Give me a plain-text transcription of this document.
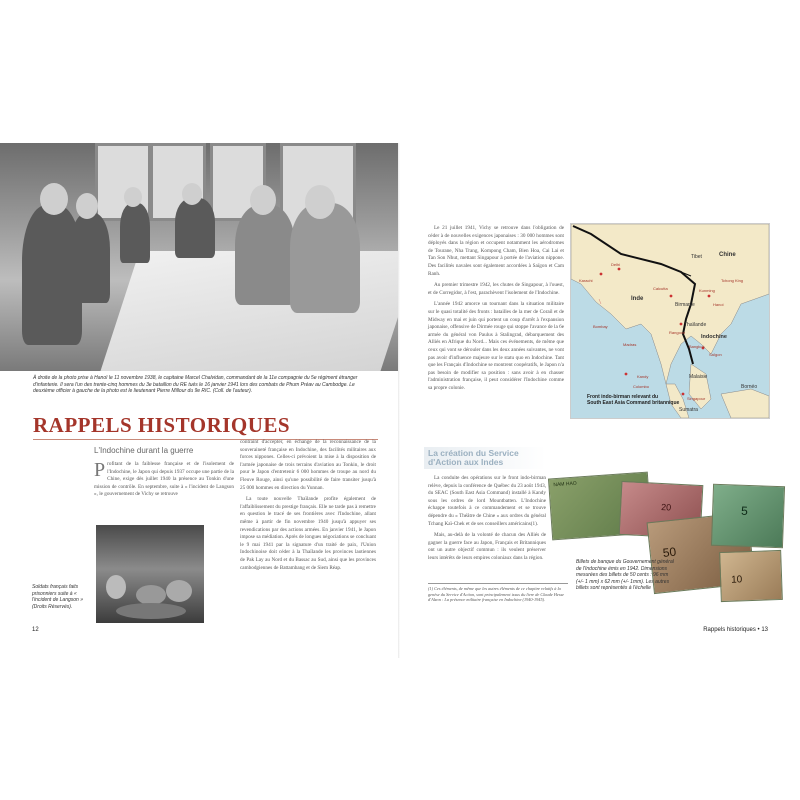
À droite de la photo prise à Hanoï le 11 novembre 1938, le capitaine Marcel Chalvidan, commandant de la 11e compagnie du 5e régiment étranger d'infanterie. Il sera l'un des trente-cinq hommes du 3e bataillon du RE tués le 16 janvier 1941 lors des combats de Phum Préav au Cambodge. Le deuxième officier à gauche de la photo est le lieutenant Pierre Millour du 9e RIC. (Coll. de l'auteur).
RAPPELS HISTORIQUES
L'Indochine durant la guerre

Profitant de la faiblesse française et de l'isolement de l'Indochine, le Japon qui depuis 1937 occupe une partie de la Chine, exige dès juillet 1940 la présence au Tonkin d'une mission de contrôle. En septembre, suite à « l'incident de Langson », le gouvernement de Vichy se retrouve

Soldats français faits prisonniers suite à « l'incident de Langson » (Droits Réservés).

contraint d'accepter, en échange de la reconnaissance de la souveraineté française en Indochine, des facilités militaires aux forces nippones. Celles-ci prévoient la mise à la disposition de l'armée japonaise de trois terrains d'aviation au Tonkin, le droit pour le Japon d'entretenir 6 000 hommes de troupe au nord du Fleuve Rouge, ainsi qu'une possibilité de faire transiter jusqu'à 25 000 hommes en direction du Yunnan.

La toute nouvelle Thaïlande profite également de l'affaiblissement du prestige français. Elle ne tarde pas à remettre en question le tracé de ses frontières avec l'Indochine, allant même à partir de fin novembre 1940 jusqu'à appuyer ses revendications par des actions armées. En janvier 1941, le Japon impose sa médiation. Après de longues négociations se concluant le 9 mai 1941 par la signature d'un traité de paix, l'Union Indochinoise doit céder à la Thaïlande les provinces laotiennes de Pak Lay au Nord et du Bassac au Sud, ainsi que les provinces cambodgiennes de Battambang et de Siem Réap.

12

Le 21 juillet 1941, Vichy se retrouve dans l'obligation de céder à de nouvelles exigences japonaises : 30 000 hommes sont déployés dans la région et occupent notamment les aérodromes de Tourane, Nha Trang, Kompong Cham, Bien Hoa, Cai Lai et Tan Son Nhut, mettant Singapour à portée de l'aviation nippone. Des facilités navales sont également accordées à Saïgon et Cam Ranh.

Au premier trimestre 1942, les chutes de Singapour, à l'ouest, et de Corregidor, à l'est, parachèvent l'isolement de l'Indochine.

L'année 1942 amorce un tournant dans la situation militaire sur le quasi totalité des fronts : batailles de la mer de Corail et de Midway en mai et juin qui portent un coup d'arrêt à l'expansion japonaise, offensive de Dirmée rouge qui stoppe l'avance de la 6e armée du général von Paulus à Stalingrad, débarquement des Alliés en Afrique du Nord... Mais ces événements, de même que ceux qui vont se dérouler dans les deux années suivantes, ne vont pas avoir d'influence majeure sur le statu quo en Indochine. Tant que les Français d'Indochine se montrent coopératifs, le Japon n'a pas besoin de modifier sa position : sans avoir à en chasser l'administration française, il peut considérer l'Indochine comme sa propre colonie.

Tibet	Chine
Inde
Birmanie
Thaïlande
Indochine
Malaisie
Sumatra
Bornéo
Karachi
Delhi
Bombay
Colombo
Kunming
Tchong King
Hanoi
Saïgon
Rangoon
Bangkok
Kandy
Singapour
Calcutta
Madras
Front indo-birman relevant du
South East Asia Command britannique
La création du Service
d'Action aux Indes

La conduite des opérations sur le front indo-birman relève, depuis la conférence de Québec du 23 août 1943, du SEAC (South East Asia Command) installé à Kandy sous les ordres de lord Mountbatten. L'Indochine échappe toutefois à ce commandement et se trouve dépendre du « Théâtre de Chine » aux ordres du général Tchang Kaï-Chek et de ses conseillers américains(1).

Mais, au-delà de la volonté de chacun des Alliés de gagner la guerre face au Japon, Français et Britanniques ont un autre objectif commun : ils veulent préserver leurs intérêts de leurs empires coloniaux dans la région.

NAM HAO
20
50
5
10
Billets de banque du Gouvernement général de l'Indochine émis en 1942. Dimensions mesurées des billets de 50 cents : 96 mm (+/- 1 mm) x 62 mm (+/- 1mm). Les autres billets sont représentés à l'échelle
(1) Ces éléments, de même que les autres éléments de ce chapitre relatifs à la genèse du Service d'Action, sont principalement issus du livre de Claude Hesse d'Alzon : La présence militaire française en Indochine (1940-1945).
Rappels historiques • 13
